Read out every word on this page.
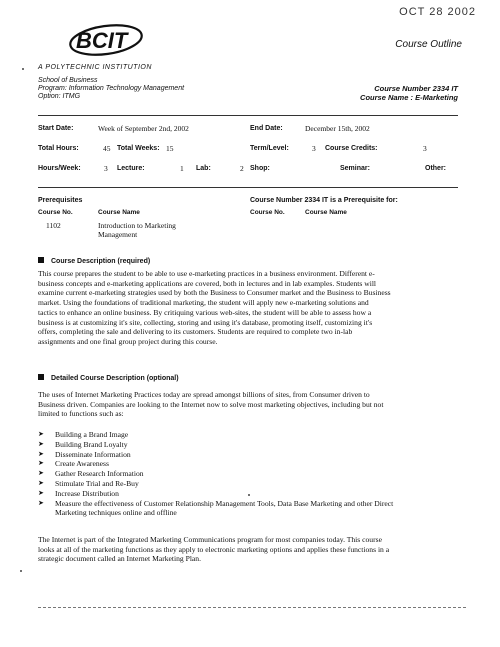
BCIT
OCT 28 2002
Course Outline
A POLYTECHNIC INSTITUTION
School of Business
Program: Information Technology Management
Option: ITMG
Course Number 2334 IT
Course Name : E-Marketing
Start Date:	Week of September 2nd, 2002	End Date:	December 15th, 2002
Total Hours:	45 Total Weeks: 15	Term/Level:	3 Course Credits:	3
Hours/Week:	3 Lecture:	1 Lab:	2 Shop:	Seminar:	Other:
Prerequisites
Course No.	Course Name
1102	Introduction to Marketing
Management
Course Number 2334 IT is a Prerequisite for:
Course No.	Course Name
Course Description (required)
This course prepares the student to be able to use e-marketing practices in a business environment. Different e-
business concepts and e-marketing applications are covered, both in lectures and in lab examples. Students will
examine current e-marketing strategies used by both the Business to Consumer market and the Business to Business
market. Using the foundations of traditional marketing, the student will apply new e-marketing solutions and
tactics to enhance an online business. By critiquing various web-sites, the student will be able to assess how a
business is at customizing it's site, collecting, storing and using it's database, promoting itself, customizing it's
offers, completing the sale and delivering to its customers. Students are required to complete two in-lab
assignments and one final group project during this course.
Detailed Course Description (optional)
The uses of Internet Marketing Practices today are spread amongst billions of sites, from Consumer driven to
Business driven. Companies are looking to the Internet now to solve most marketing objectives, including but not
limited to functions such as:
➤ Building a Brand Image
➤ Building Brand Loyalty
➤ Disseminate Information
➤ Create Awareness
➤ Gather Research Information
➤ Stimulate Trial and Re-Buy
➤ Increase Distribution
➤ Measure the effectiveness of Customer Relationship Management Tools, Data Base Marketing and other Direct
Marketing techniques online and offline
The Internet is part of the Integrated Marketing Communications program for most companies today. This course
looks at all of the marketing functions as they apply to electronic marketing options and applies these functions in a
strategic document called an Internet Marketing Plan.
